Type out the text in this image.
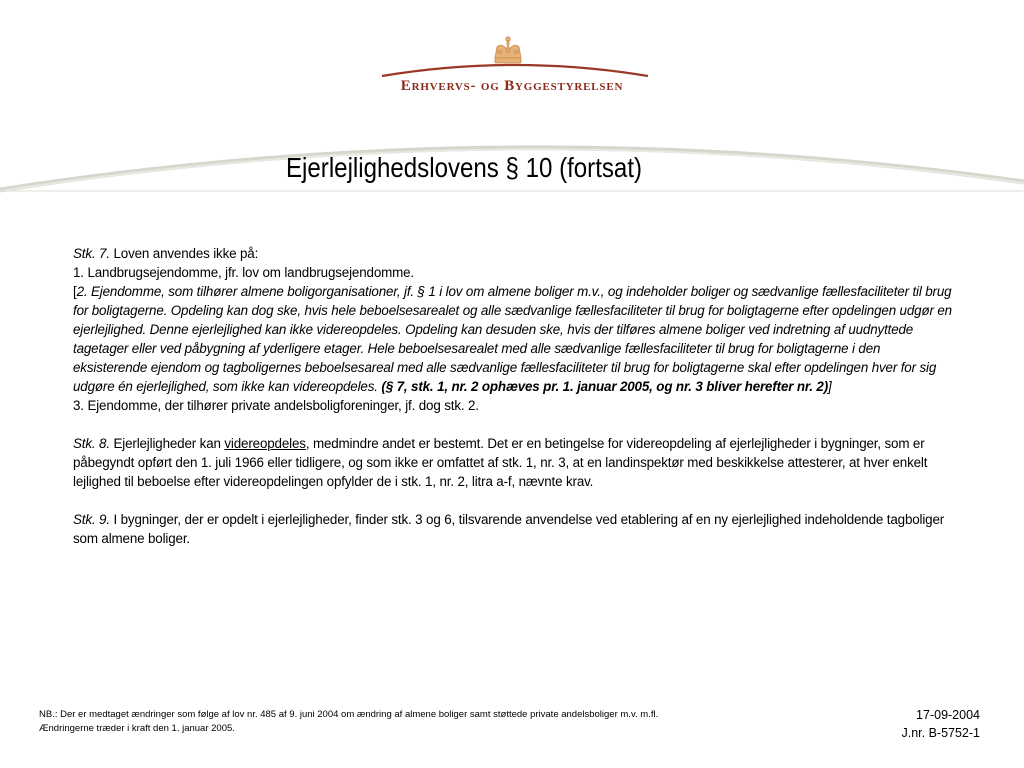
Erhvervs- og Byggestyrelsen
Ejerlejlighedslovens § 10 (fortsat)

Stk. 7. Loven anvendes ikke på:

1. Landbrugsejendomme, jfr. lov om landbrugsejendomme.

[2. Ejendomme, som tilhører almene boligorganisationer, jf. § 1 i lov om almene boliger m.v., og indeholder boliger og sædvanlige fællesfaciliteter til brug for boligtagerne. Opdeling kan dog ske, hvis hele beboelsesarealet og alle sædvanlige fællesfaciliteter til brug for boligtagerne efter opdelingen udgør en ejerlejlighed. Denne ejerlejlighed kan ikke videreopdeles. Opdeling kan desuden ske, hvis der tilføres almene boliger ved indretning af uudnyttede tagetager eller ved påbygning af yderligere etager. Hele beboelsesarealet med alle sædvanlige fællesfaciliteter til brug for boligtagerne i den eksisterende ejendom og tagboligernes beboelsesareal med alle sædvanlige fællesfaciliteter til brug for boligtagerne skal efter opdelingen hver for sig udgøre én ejerlejlighed, som ikke kan videreopdeles. (§ 7, stk. 1, nr. 2 ophæves pr. 1. januar 2005, og nr. 3 bliver herefter nr. 2)]

3. Ejendomme, der tilhører private andelsboligforeninger, jf. dog stk. 2.

Stk. 8. Ejerlejligheder kan videreopdeles, medmindre andet er bestemt. Det er en betingelse for videreopdeling af ejerlejligheder i bygninger, som er påbegyndt opført den 1. juli 1966 eller tidligere, og som ikke er omfattet af stk. 1, nr. 3, at en landinspektør med beskikkelse attesterer, at hver enkelt lejlighed til beboelse efter videreopdelingen opfylder de i stk. 1, nr. 2, litra a-f, nævnte krav.

Stk. 9. I bygninger, der er opdelt i ejerlejligheder, finder stk. 3 og 6, tilsvarende anvendelse ved etablering af en ny ejerlejlighed indeholdende tagboliger som almene boliger.

NB.: Der er medtaget ændringer som følge af lov nr. 485 af 9. juni 2004 om ændring af almene boliger samt støttede private andelsboliger m.v. m.fl.
Ændringerne træder i kraft den 1. januar 2005.
17-09-2004
J.nr. B-5752-1
